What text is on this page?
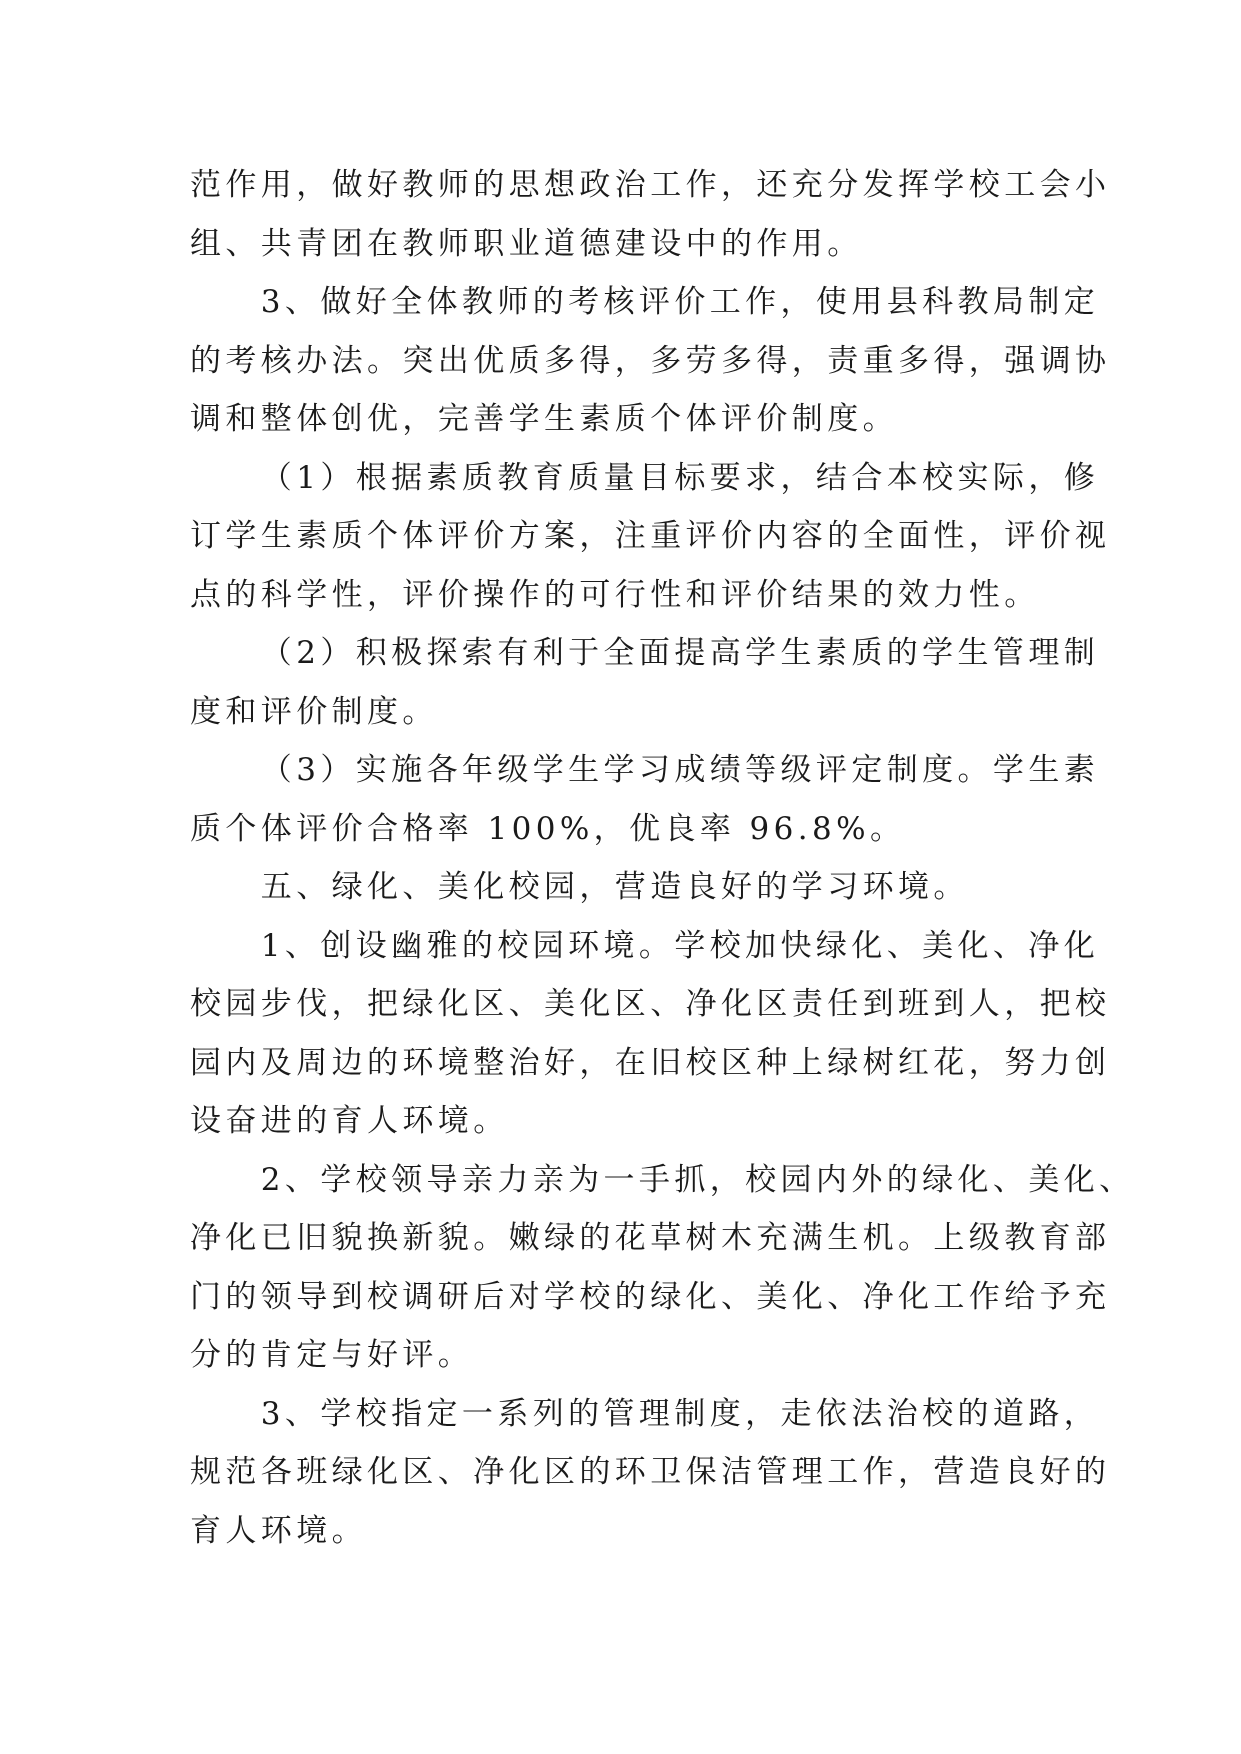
范作用，做好教师的思想政治工作，还充分发挥学校工会小
组、共青团在教师职业道德建设中的作用。
3、做好全体教师的考核评价工作，使用县科教局制定
的考核办法。突出优质多得，多劳多得，责重多得，强调协
调和整体创优，完善学生素质个体评价制度。
（1）根据素质教育质量目标要求，结合本校实际，修
订学生素质个体评价方案，注重评价内容的全面性，评价视
点的科学性，评价操作的可行性和评价结果的效力性。
（2）积极探索有利于全面提高学生素质的学生管理制
度和评价制度。
（3）实施各年级学生学习成绩等级评定制度。学生素
质个体评价合格率 100%，优良率 96.8%。
五、绿化、美化校园，营造良好的学习环境。
1、创设幽雅的校园环境。学校加快绿化、美化、净化
校园步伐，把绿化区、美化区、净化区责任到班到人，把校
园内及周边的环境整治好，在旧校区种上绿树红花，努力创
设奋进的育人环境。
2、学校领导亲力亲为一手抓，校园内外的绿化、美化、
净化已旧貌换新貌。嫩绿的花草树木充满生机。上级教育部
门的领导到校调研后对学校的绿化、美化、净化工作给予充
分的肯定与好评。
3、学校指定一系列的管理制度，走依法治校的道路，
规范各班绿化区、净化区的环卫保洁管理工作，营造良好的
育人环境。
